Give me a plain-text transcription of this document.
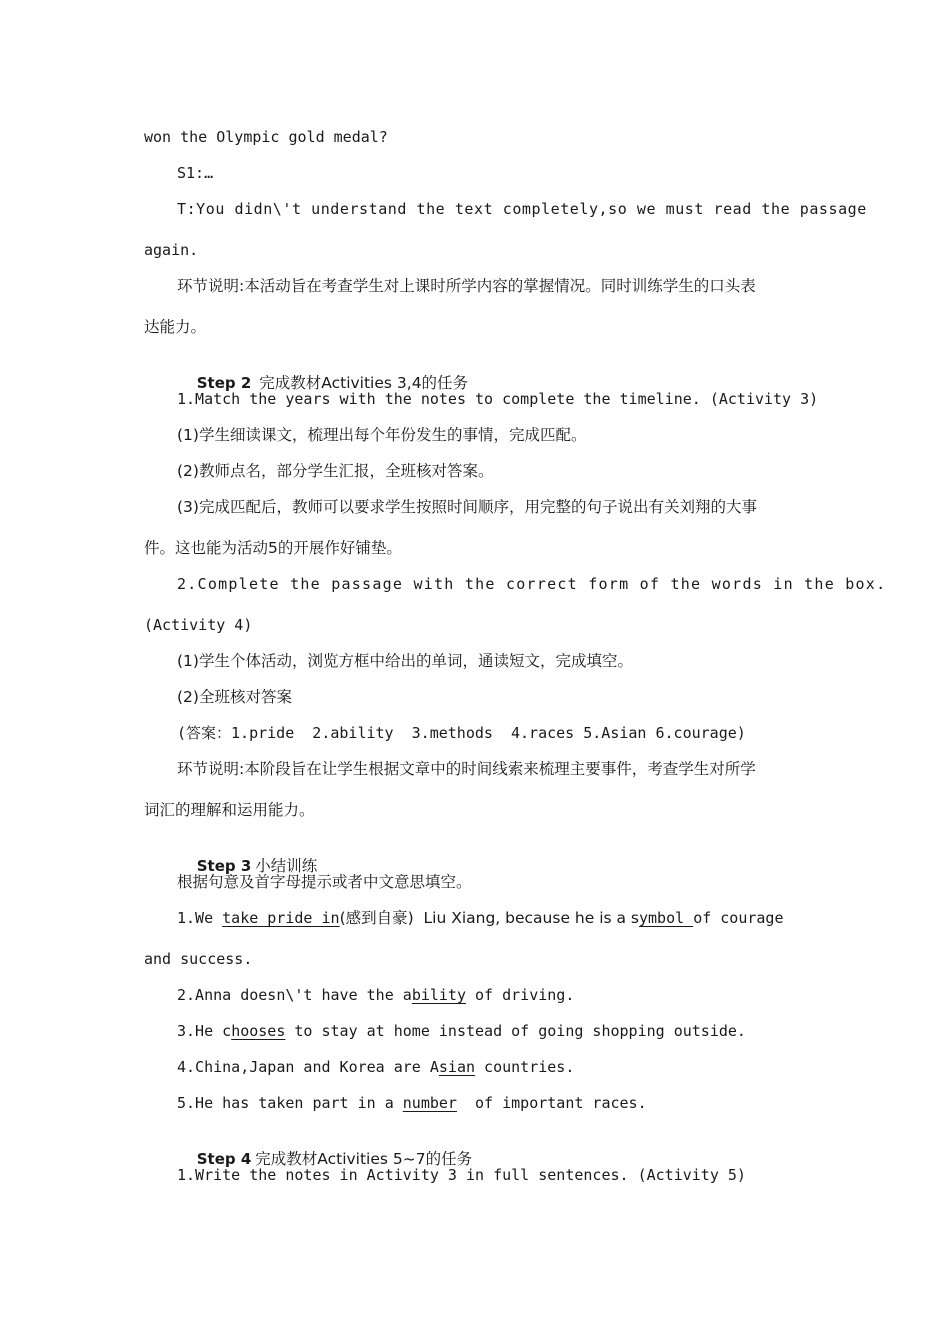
won the Olympic gold medal?
S1:…
T:You didn\'t understand the text completely,so we must read the passage
again.
环节说明:本活动旨在考查学生对上课时所学内容的掌握情况。同时训练学生的口头表
达能力。

Step 2 完成教材Activities 3,4的任务

1.Match the years with the notes to complete the timeline. (Activity 3)
(1)学生细读课文，梳理出每个年份发生的事情，完成匹配。
(2)教师点名，部分学生汇报，全班核对答案。
(3)完成匹配后，教师可以要求学生按照时间顺序，用完整的句子说出有关刘翔的大事
件。这也能为活动5的开展作好铺垫。
2.Complete the passage with the correct form of the words in the box.
(Activity 4)
(1)学生个体活动，浏览方框中给出的单词，通读短文，完成填空。
(2)全班核对答案
(答案：1.pride  2.ability  3.methods  4.races 5.Asian 6.courage)
环节说明:本阶段旨在让学生根据文章中的时间线索来梳理主要事件，考查学生对所学
词汇的理解和运用能力。

Step 3 小结训练

根据句意及首字母提示或者中文意思填空。
1.We take pride in(感到自豪)  Liu Xiang, because he is a symbol of courage
and success.
2.Anna doesn\'t have the ability of driving.
3.He chooses to stay at home instead of going shopping outside.
4.China,Japan and Korea are Asian countries.
5.He has taken part in a number  of important races.

Step 4 完成教材Activities 5~7的任务

1.Write the notes in Activity 3 in full sentences. (Activity 5)
